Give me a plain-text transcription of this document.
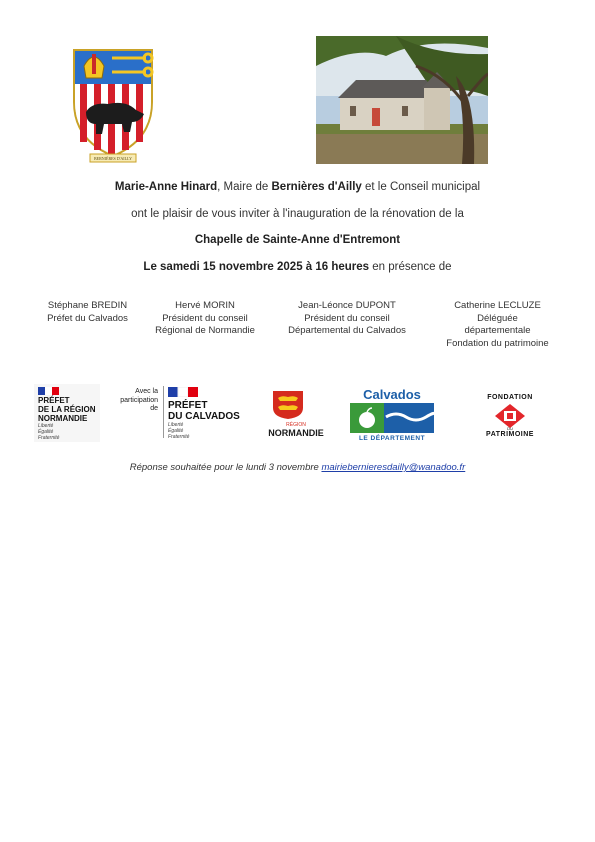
BERNIÈRES D'AILLY
Marie-Anne Hinard, Maire de Bernières d'Ailly et le Conseil municipal
ont le plaisir de vous inviter à l'inauguration de la rénovation de la
Chapelle de Sainte-Anne d'Entremont
Le samedi 15 novembre 2025 à 16 heures en présence de
Stéphane BREDIN
Préfet du Calvados
Hervé MORIN
Président du conseil
Régional de Normandie
Jean-Léonce DUPONT
Président du conseil
Départemental du Calvados
Catherine LECLUZE
Déléguée
départementale
Fondation du patrimoine
PRÉFET
DE LA RÉGION
NORMANDIE
Liberté
Égalité
Fraternité
Avec la
participation
de PRÉFET
DU CALVADOS
Liberté
Égalité
Fraternité
RÉGION
NORMANDIE
Calvados
LE DÉPARTEMENT
FONDATION
DU
PATRIMOINE
Réponse souhaitée pour le lundi 3 novembre mairiebernieresdailly@wanadoo.fr
